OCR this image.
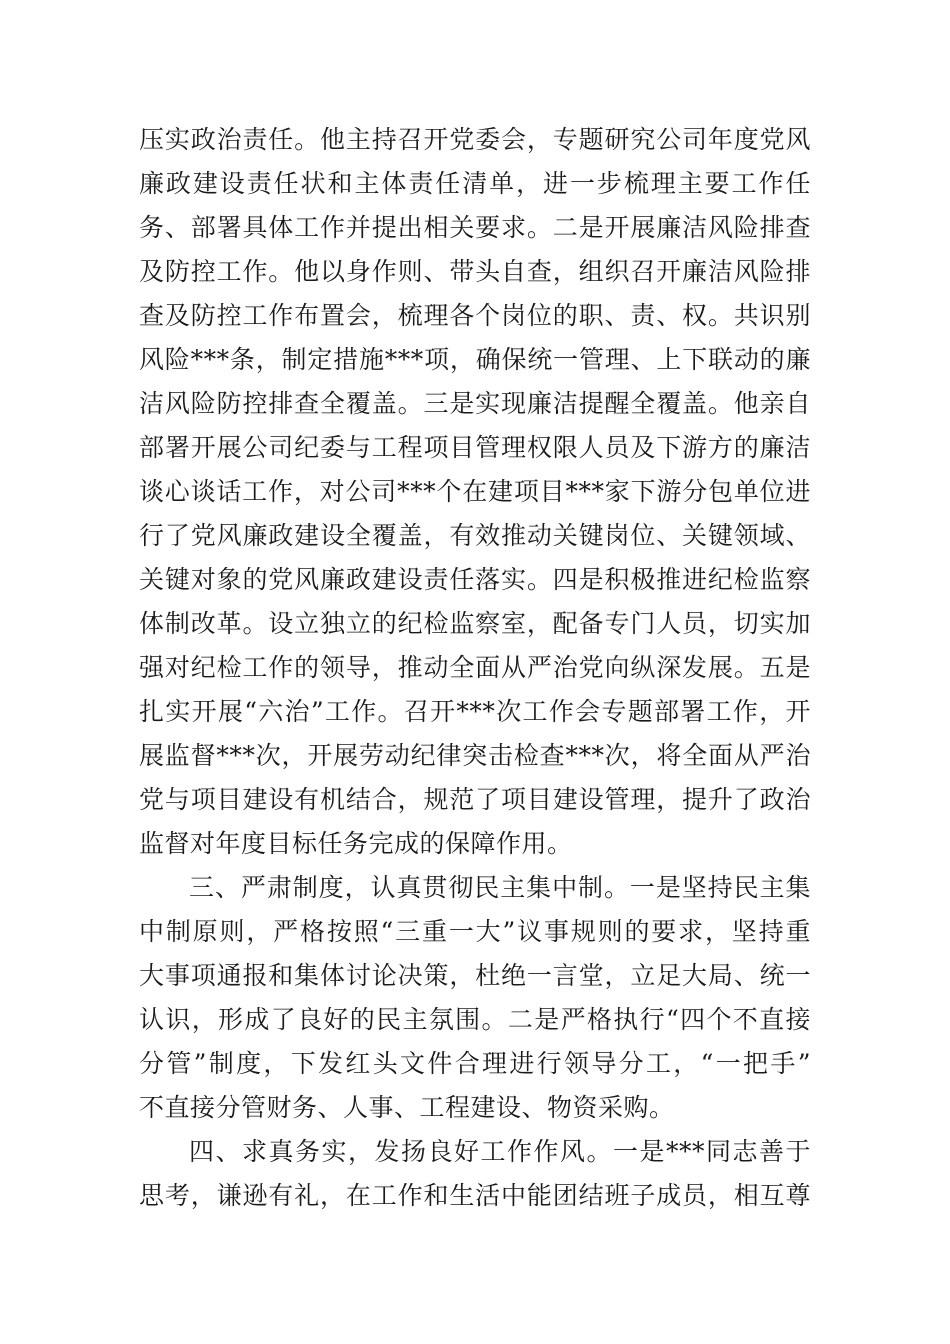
压实政治责任。他主持召开党委会，专题研究公司年度党风
廉政建设责任状和主体责任清单，进一步梳理主要工作任
务、部署具体工作并提出相关要求。二是开展廉洁风险排查
及防控工作。他以身作则、带头自查，组织召开廉洁风险排
查及防控工作布置会，梳理各个岗位的职、责、权。共识别
风险***条，制定措施***项，确保统一管理、上下联动的廉
洁风险防控排查全覆盖。三是实现廉洁提醒全覆盖。他亲自
部署开展公司纪委与工程项目管理权限人员及下游方的廉洁
谈心谈话工作，对公司***个在建项目***家下游分包单位进
行了党风廉政建设全覆盖，有效推动关键岗位、关键领域、
关键对象的党风廉政建设责任落实。四是积极推进纪检监察
体制改革。设立独立的纪检监察室，配备专门人员，切实加
强对纪检工作的领导，推动全面从严治党向纵深发展。五是
扎实开展“六治”工作。召开***次工作会专题部署工作，开
展监督***次，开展劳动纪律突击检查***次，将全面从严治
党与项目建设有机结合，规范了项目建设管理，提升了政治
监督对年度目标任务完成的保障作用。
三、严肃制度，认真贯彻民主集中制。一是坚持民主集
中制原则，严格按照“三重一大”议事规则的要求，坚持重
大事项通报和集体讨论决策，杜绝一言堂，立足大局、统一
认识，形成了良好的民主氛围。二是严格执行“四个不直接
分管”制度，下发红头文件合理进行领导分工，“一把手”
不直接分管财务、人事、工程建设、物资采购。
四、求真务实，发扬良好工作作风。一是***同志善于
思考，谦逊有礼，在工作和生活中能团结班子成员，相互尊
